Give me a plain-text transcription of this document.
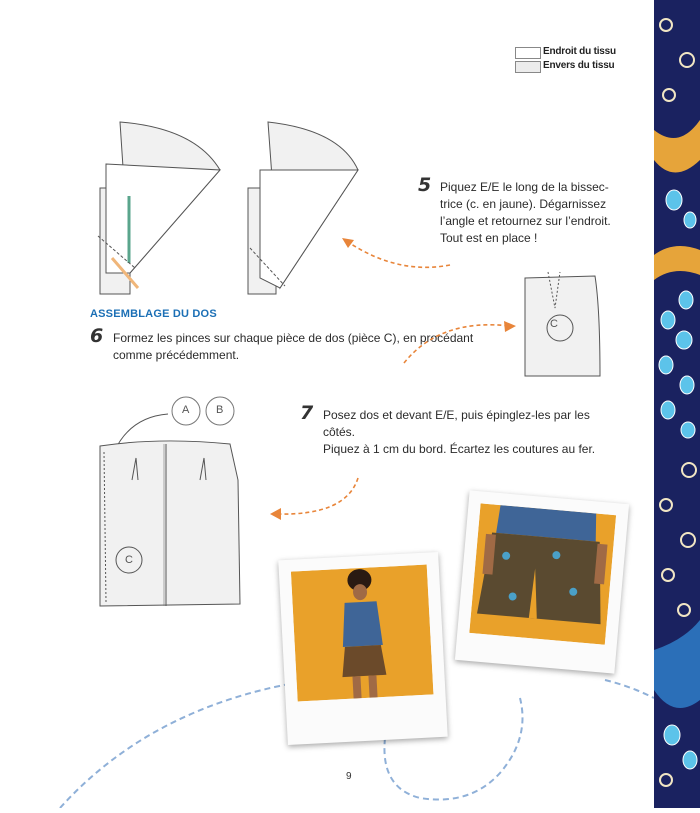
Endroit du tissu
Envers du tissu
5 Piquez E/E le long de la bissec-
trice (c. en jaune). Dégarnissez
l’angle et retournez sur l’endroit.
Tout est en place !
ASSEMBLAGE DU DOS
6 Formez les pinces sur chaque pièce de dos (pièce C), en procédant
comme précédemment.
C
A B
C
7 Posez dos et devant E/E, puis épinglez-les par les côtés.
Piquez à 1 cm du bord. Écartez les coutures au fer.
9
